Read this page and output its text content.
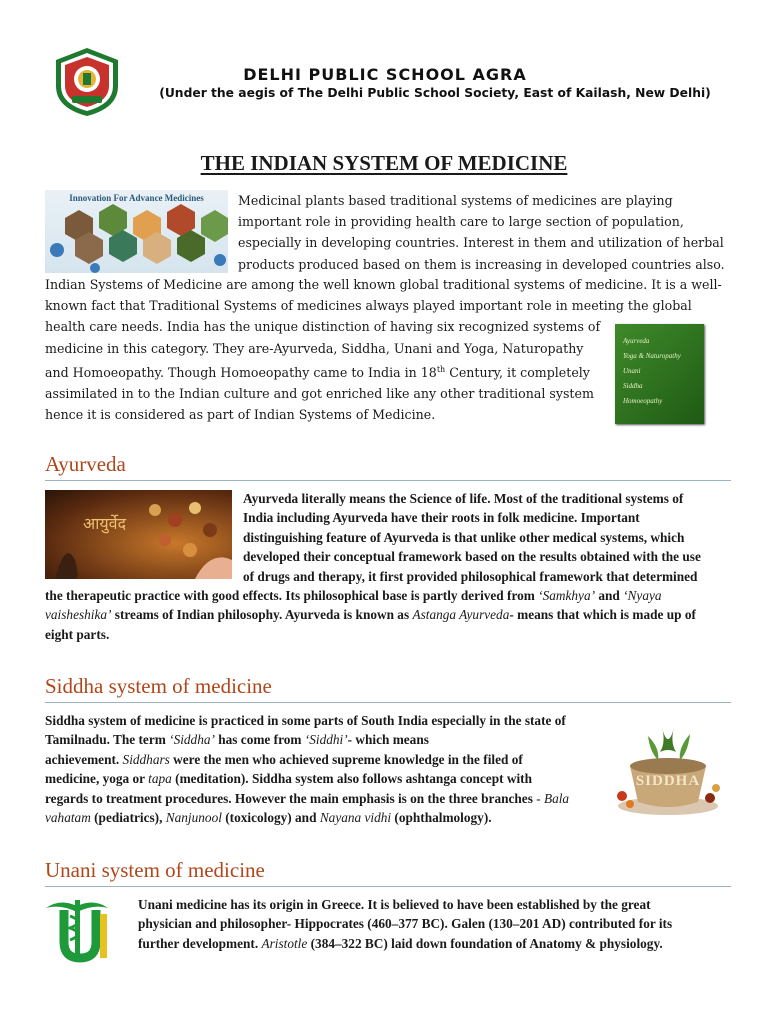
DELHI PUBLIC SCHOOL AGRA
(Under the aegis of The Delhi Public School Society, East of Kailash, New Delhi)
THE INDIAN SYSTEM OF MEDICINE
Innovation For Advance Medicines	Medicinal plants based traditional systems of medicines are playing
important role in providing health care to large section of population,
especially in developing countries. Interest in them and utilization of herbal
products produced based on them is increasing in developed countries also.
Indian Systems of Medicine are among the well known global traditional systems of medicine. It is a well-
known fact that Traditional Systems of medicines always played important role in meeting the global
health care needs. India has the unique distinction of having six recognized systems of
medicine in this category. They are-Ayurveda, Siddha, Unani and Yoga, Naturopathy
and Homoeopathy. Though Homoeopathy came to India in 18th Century, it completely
assimilated in to the Indian culture and got enriched like any other traditional system
hence it is considered as part of Indian Systems of Medicine.
Ayurveda
Yoga & Naturopathy
Unani
Siddha
Homoeopathy
Ayurveda
आयुर्वेद
Ayurveda literally means the Science of life. Most of the traditional systems of
India including Ayurveda have their roots in folk medicine. Important
distinguishing feature of Ayurveda is that unlike other medical systems, which
developed their conceptual framework based on the results obtained with the use
of drugs and therapy, it first provided philosophical framework that determined
the therapeutic practice with good effects. Its philosophical base is partly derived from ‘Samkhya’ and ‘Nyaya
vaisheshika’ streams of Indian philosophy. Ayurveda is known as Astanga Ayurveda- means that which is made up of
eight parts.
Siddha system of medicine
Siddha system of medicine is practiced in some parts of South India especially in the state of
Tamilnadu. The term ‘Siddha’ has come from ‘Siddhi’- which means
achievement. Siddhars were the men who achieved supreme knowledge in the filed of
medicine, yoga or tapa (meditation). Siddha system also follows ashtanga concept with
regards to treatment procedures. However the main emphasis is on the three branches - Bala
vahatam (pediatrics), Nanjunool (toxicology) and Nayana vidhi (ophthalmology).
SIDDHA
Unani system of medicine
Unani medicine has its origin in Greece. It is believed to have been established by the great
physician and philosopher- Hippocrates (460–377 BC). Galen (130–201 AD) contributed for its
further development. Aristotle (384–322 BC) laid down foundation of Anatomy & physiology.
